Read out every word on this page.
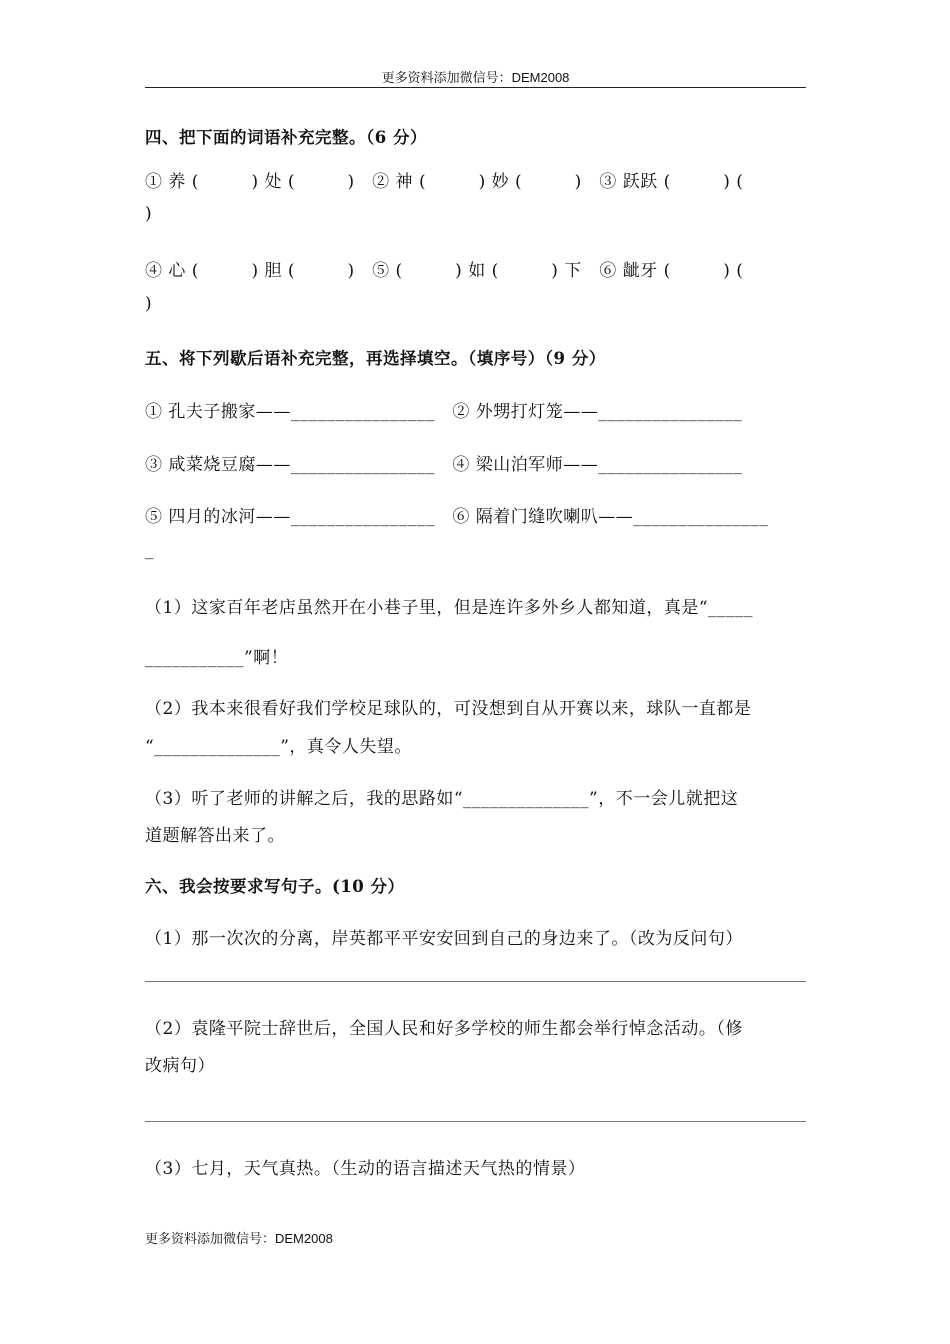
更多资料添加微信号：DEM2008
四、把下面的词语补充完整。（6 分）
① 养 (　　　) 处 (　　　)　② 神 (　　　) 妙 (　　　)　③ 跃跃 (　　　) (
)
④ 心 (　　　) 胆 (　　　)　⑤ (　　　) 如 (　　　) 下　⑥ 龇牙 (　　　) (
)
五、将下列歇后语补充完整，再选择填空。（填序号）（9 分）
① 孔夫子搬家——________________　② 外甥打灯笼——________________
③ 咸菜烧豆腐——________________　④ 梁山泊军师——________________
⑤ 四月的冰河——________________　⑥ 隔着门缝吹喇叭——_______________
_
（1）这家百年老店虽然开在小巷子里，但是连许多外乡人都知道，真是“_____
___________”啊！
（2）我本来很看好我们学校足球队的，可没想到自从开赛以来，球队一直都是
“______________”，真令人失望。
（3）听了老师的讲解之后，我的思路如“______________”，不一会儿就把这
道题解答出来了。
六、我会按要求写句子。(10 分）
（1）那一次次的分离，岸英都平平安安回到自己的身边来了。（改为反问句）
（2）袁隆平院士辞世后，全国人民和好多学校的师生都会举行悼念活动。（修
改病句）
（3）七月，天气真热。（生动的语言描述天气热的情景）
更多资料添加微信号：DEM2008
